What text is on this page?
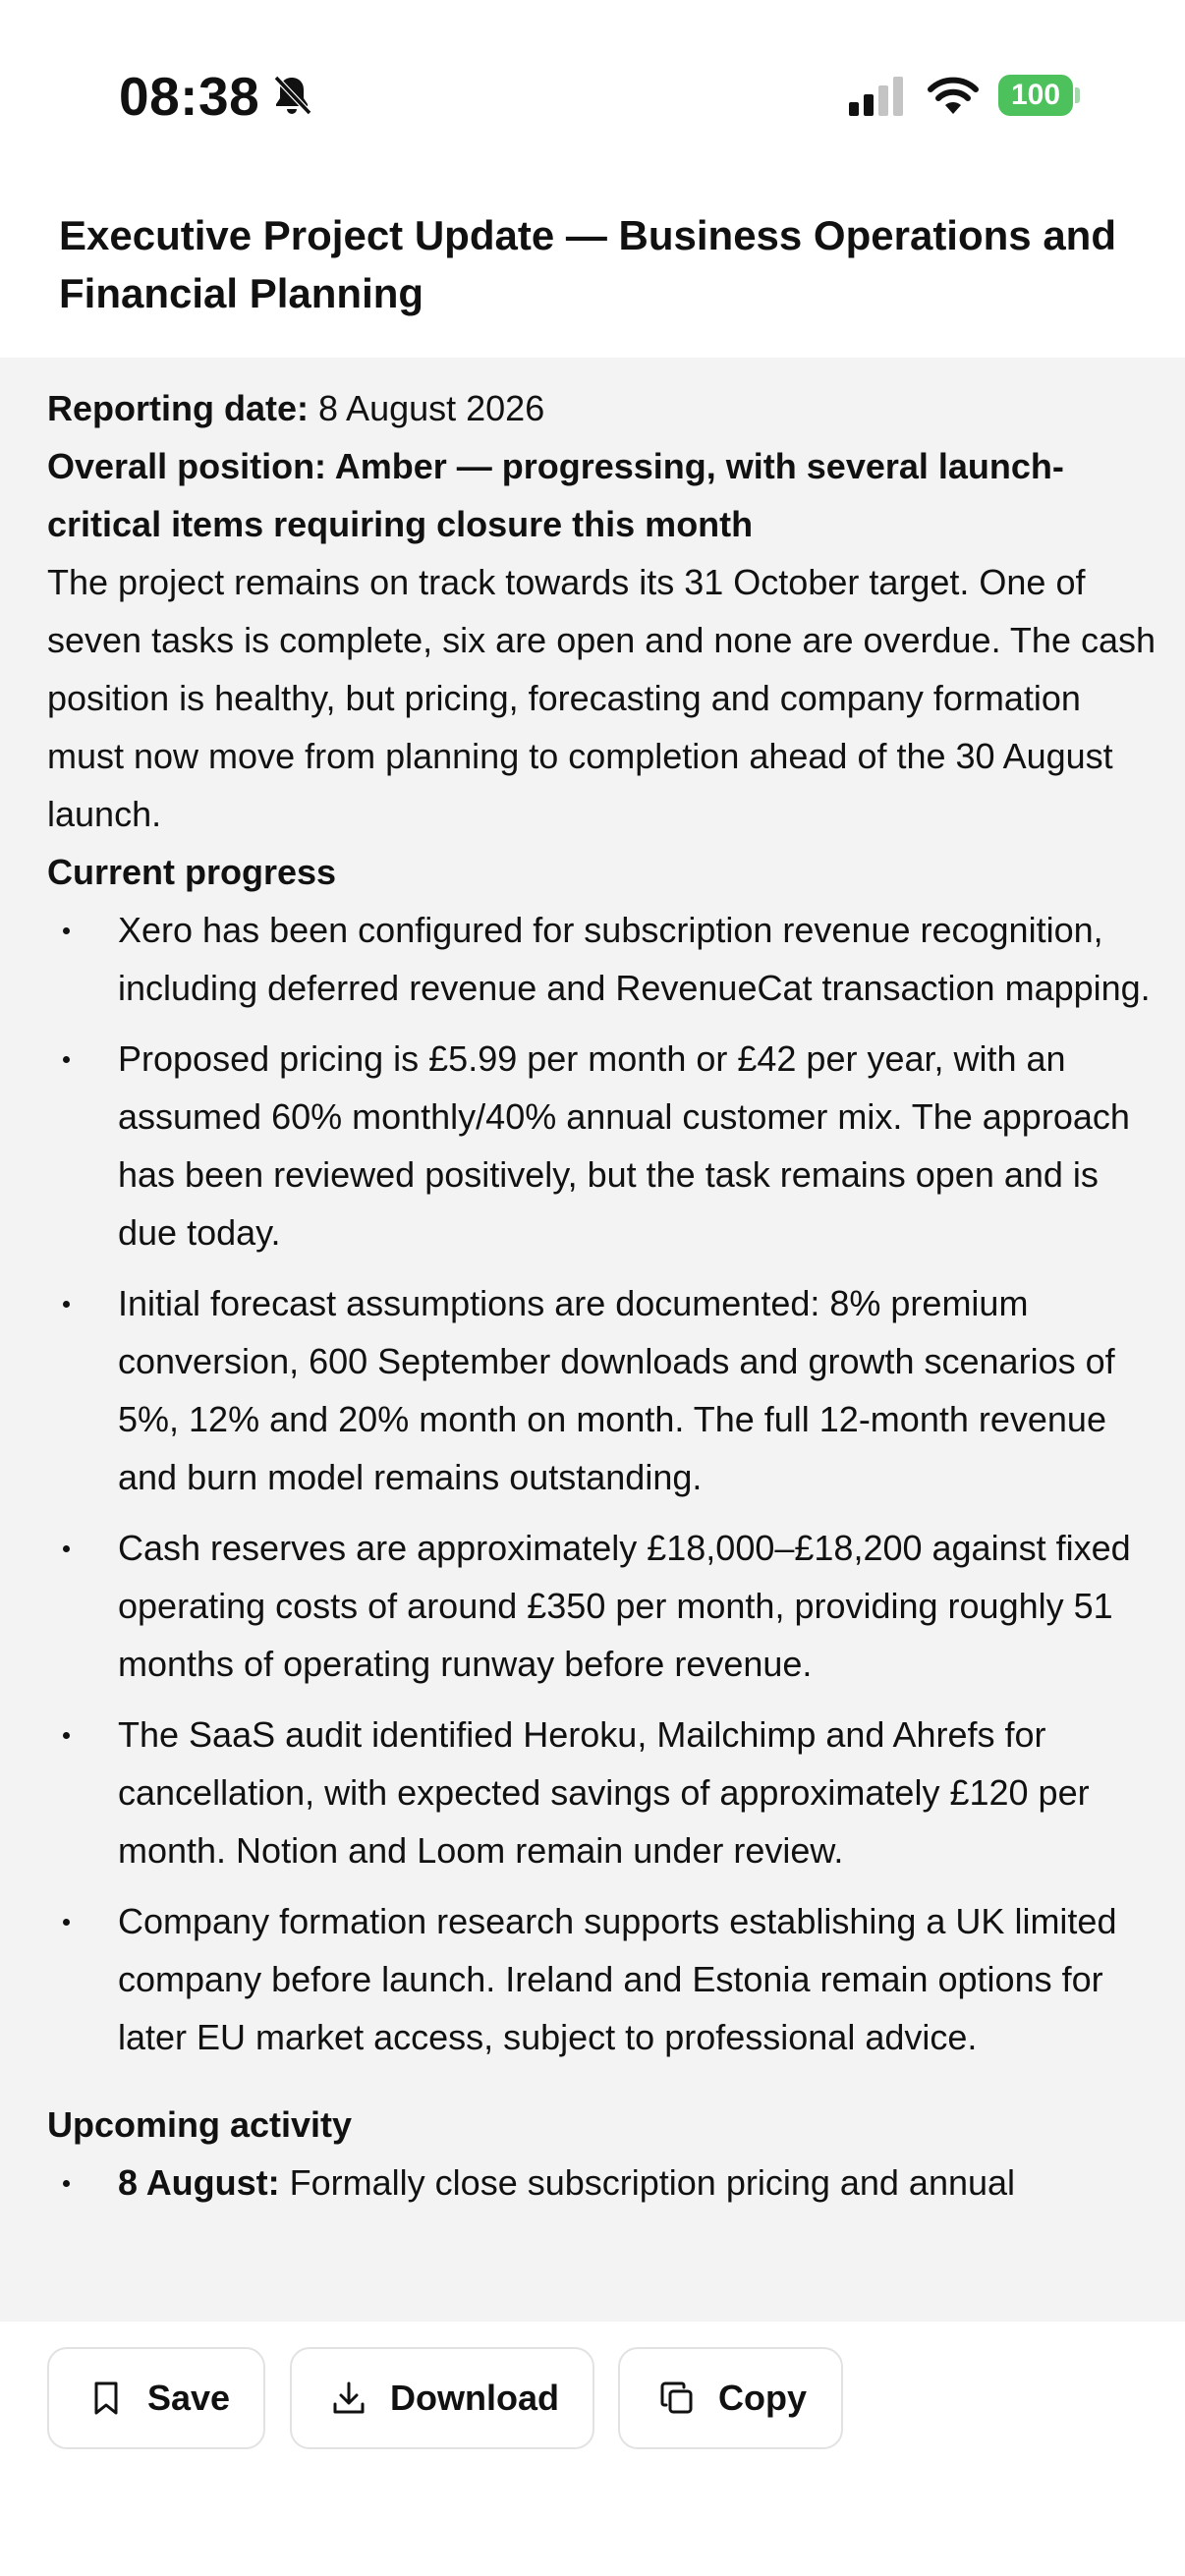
08:38	100
Executive Project Update — Business Operations and Financial Planning

Reporting date: 8 August 2026

Overall position: Amber — progressing, with several launch-critical items requiring closure this month

The project remains on track towards its 31 October target. One of seven tasks is complete, six are open and none are overdue. The cash position is healthy, but pricing, forecasting and company formation must now move from planning to completion ahead of the 30 August launch.

Current progress

Xero has been configured for subscription revenue recognition, including deferred revenue and RevenueCat transaction mapping.
Proposed pricing is £5.99 per month or £42 per year, with an assumed 60% monthly/40% annual customer mix. The approach has been reviewed positively, but the task remains open and is due today.
Initial forecast assumptions are documented: 8% premium conversion, 600 September downloads and growth scenarios of 5%, 12% and 20% month on month. The full 12-month revenue and burn model remains outstanding.
Cash reserves are approximately £18,000–£18,200 against fixed operating costs of around £350 per month, providing roughly 51 months of operating runway before revenue.
The SaaS audit identified Heroku, Mailchimp and Ahrefs for cancellation, with expected savings of approximately £120 per month. Notion and Loom remain under review.
Company formation research supports establishing a UK limited company before launch. Ireland and Estonia remain options for later EU market access, subject to professional advice.

Upcoming activity

8 August: Formally close subscription pricing and annual
Save	Download	Copy
